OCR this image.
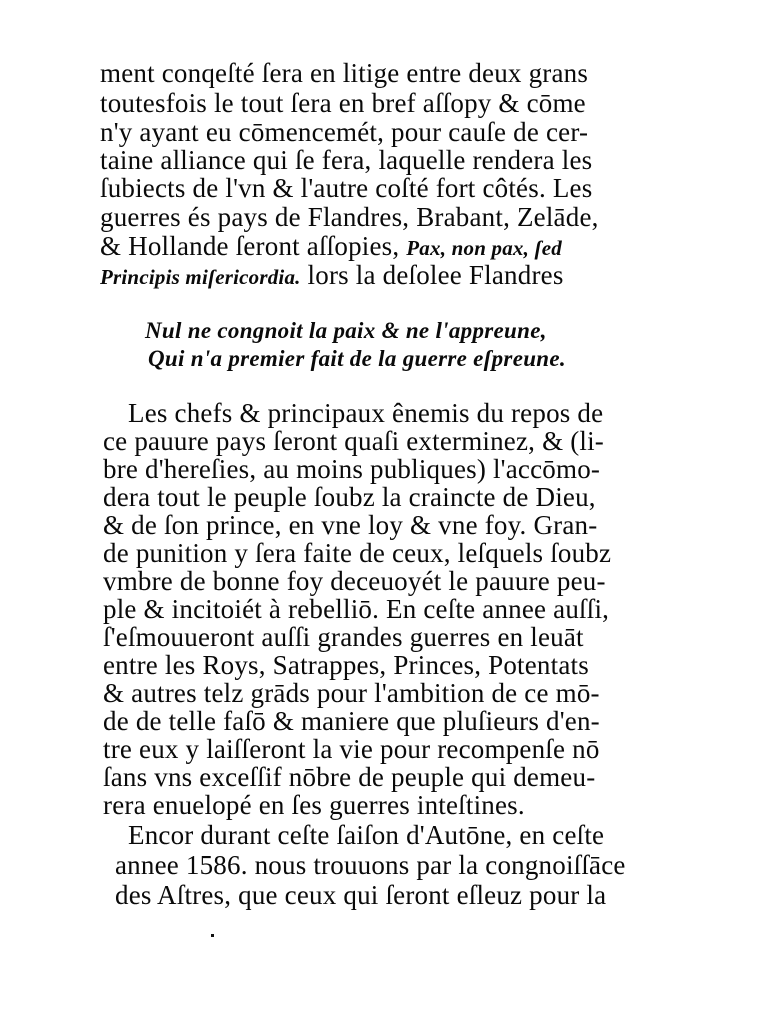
ment conqeſté ſera en litige entre deux grans
toutesfois le tout ſera en bref aſſopy & cōme
n'y ayant eu cōmencemét, pour cauſe de cer-
taine alliance qui ſe fera, laquelle rendera les
ſubiects de l'vn & l'autre coſté fort côtés. Les
guerres és pays de Flandres, Brabant, Zelāde,
& Hollande ſeront aſſopies, Pax, non pax, ſed
Principis miſericordia. lors la deſolee Flandres
Nul ne congnoit la paix & ne l'appreune,
Qui n'a premier fait de la guerre eſpreune.
Les chefs & principaux ênemis du repos de
ce pauure pays ſeront quaſi exterminez, & (li-
bre d'hereſies, au moins publiques) l'accōmo-
dera tout le peuple ſoubz la craincte de Dieu,
& de ſon prince, en vne loy & vne foy. Gran-
de punition y ſera faite de ceux, leſquels ſoubz
vmbre de bonne foy deceuoyét le pauure peu-
ple & incitoiét à rebelliō. En ceſte annee auſſi,
ſ'eſmouueront auſſi grandes guerres en leuāt
entre les Roys, Satrappes, Princes, Potentats
& autres telz grāds pour l'ambition de ce mō-
de de telle faſō & maniere que pluſieurs d'en-
tre eux y laiſſeront la vie pour recompenſe nō
ſans vns exceſſif nōbre de peuple qui demeu-
rera enuelopé en ſes guerres inteſtines.
Encor durant ceſte ſaiſon d'Autōne, en ceſte
annee 1586. nous trouuons par la congnoiſſāce
des Aſtres, que ceux qui ſeront eſleuz pour la
